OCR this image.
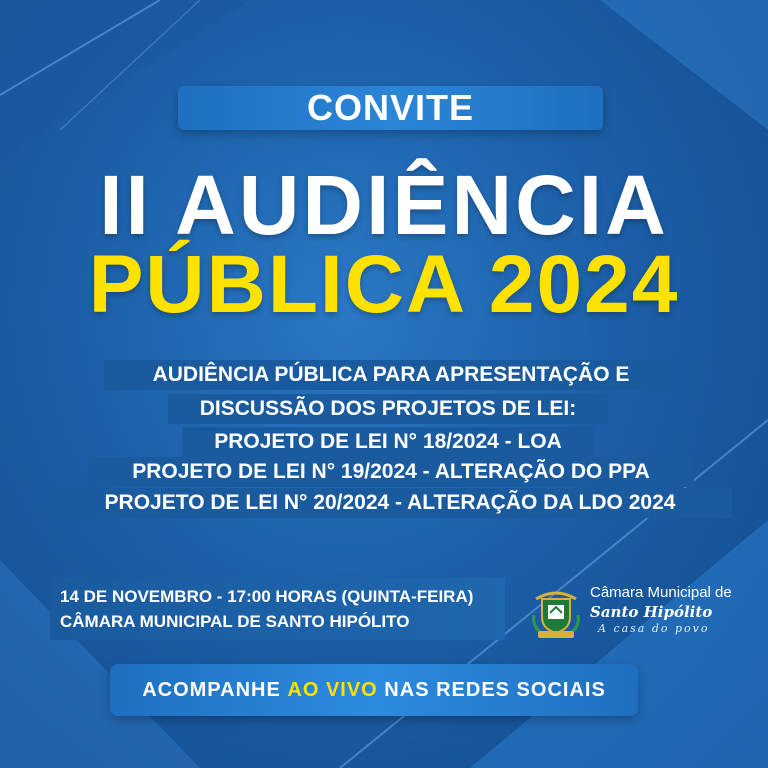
CONVITE
II AUDIÊNCIA
PÚBLICA 2024
AUDIÊNCIA PÚBLICA PARA APRESENTAÇÃO E
DISCUSSÃO DOS PROJETOS DE LEI:
PROJETO DE LEI N° 18/2024 - LOA
PROJETO DE LEI N° 19/2024 - ALTERAÇÃO DO PPA
PROJETO DE LEI N° 20/2024 - ALTERAÇÃO DA LDO 2024
14 DE NOVEMBRO - 17:00 HORAS (QUINTA-FEIRA)
CÂMARA MUNICIPAL DE SANTO HIPÓLITO
Câmara Municipal de
Santo Hipólito
A casa do povo
ACOMPANHE AO VIVO NAS REDES SOCIAIS
